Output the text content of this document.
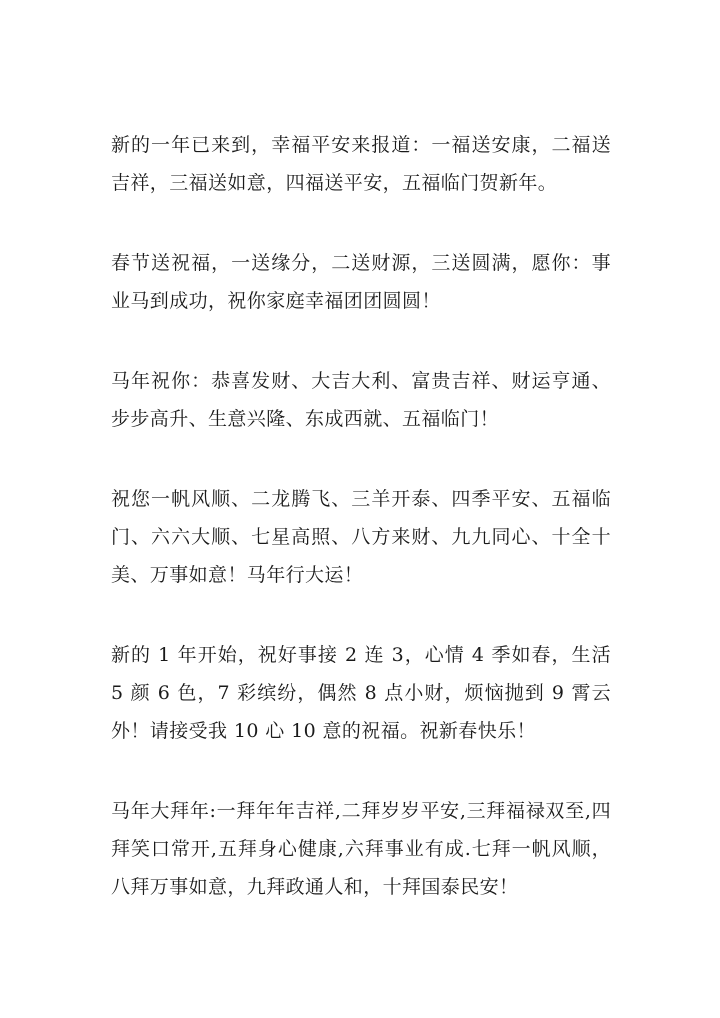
新的一年已来到，幸福平安来报道：一福送安康，二福送吉祥，三福送如意，四福送平安，五福临门贺新年。

春节送祝福，一送缘分，二送财源，三送圆满，愿你：事业马到成功，祝你家庭幸福团团圆圆！

马年祝你：恭喜发财、大吉大利、富贵吉祥、财运亨通、步步高升、生意兴隆、东成西就、五福临门！

祝您一帆风顺、二龙腾飞、三羊开泰、四季平安、五福临门、六六大顺、七星高照、八方来财、九九同心、十全十美、万事如意！马年行大运！

新的 1 年开始，祝好事接 2 连 3，心情 4 季如春，生活 5 颜 6 色，7 彩缤纷，偶然 8 点小财，烦恼抛到 9 霄云外！请接受我 10 心 10 意的祝福。祝新春快乐！

马年大拜年:一拜年年吉祥,二拜岁岁平安,三拜福禄双至,四拜笑口常开,五拜身心健康,六拜事业有成.七拜一帆风顺，八拜万事如意，九拜政通人和，十拜国泰民安！
